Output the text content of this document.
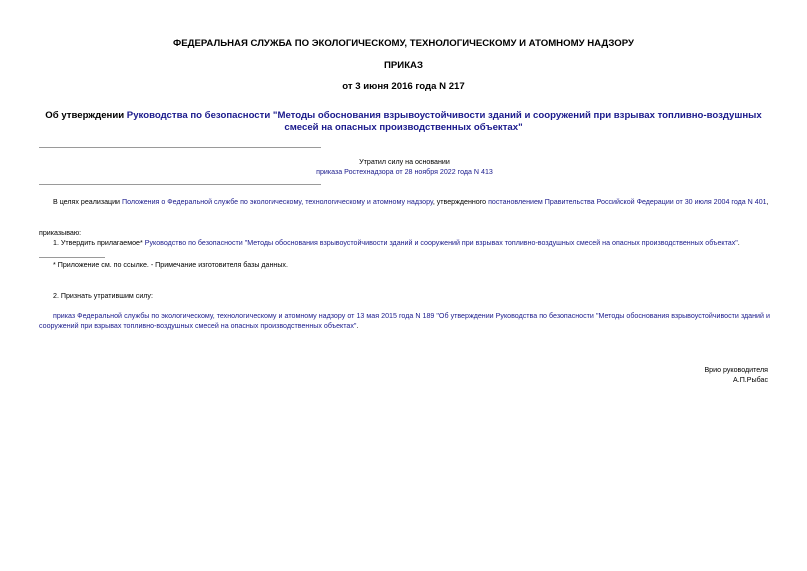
ФЕДЕРАЛЬНАЯ СЛУЖБА ПО ЭКОЛОГИЧЕСКОМУ, ТЕХНОЛОГИЧЕСКОМУ И АТОМНОМУ НАДЗОРУ
ПРИКАЗ
от 3 июня 2016 года N 217
Об утверждении Руководства по безопасности "Методы обоснования взрывоустойчивости зданий и сооружений при взрывах топливно-воздушных смесей на опасных производственных объектах"
Утратил силу на основании
приказа Ростехнадзора от 28 ноября 2022 года N 413
В целях реализации Положения о Федеральной службе по экологическому, технологическому и атомному надзору, утвержденного постановлением Правительства Российской Федерации от 30 июля 2004 года N 401,
приказываю:
1. Утвердить прилагаемое* Руководство по безопасности "Методы обоснования взрывоустойчивости зданий и сооружений при взрывах топливно-воздушных смесей на опасных производственных объектах".
* Приложение см. по ссылке. - Примечание изготовителя базы данных.
2. Признать утратившим силу:
приказ Федеральной службы по экологическому, технологическому и атомному надзору от 13 мая 2015 года N 189 "Об утверждении Руководства по безопасности "Методы обоснования взрывоустойчивости зданий и сооружений при взрывах топливно-воздушных смесей на опасных производственных объектах".
Врио руководителя
А.П.Рыбас
